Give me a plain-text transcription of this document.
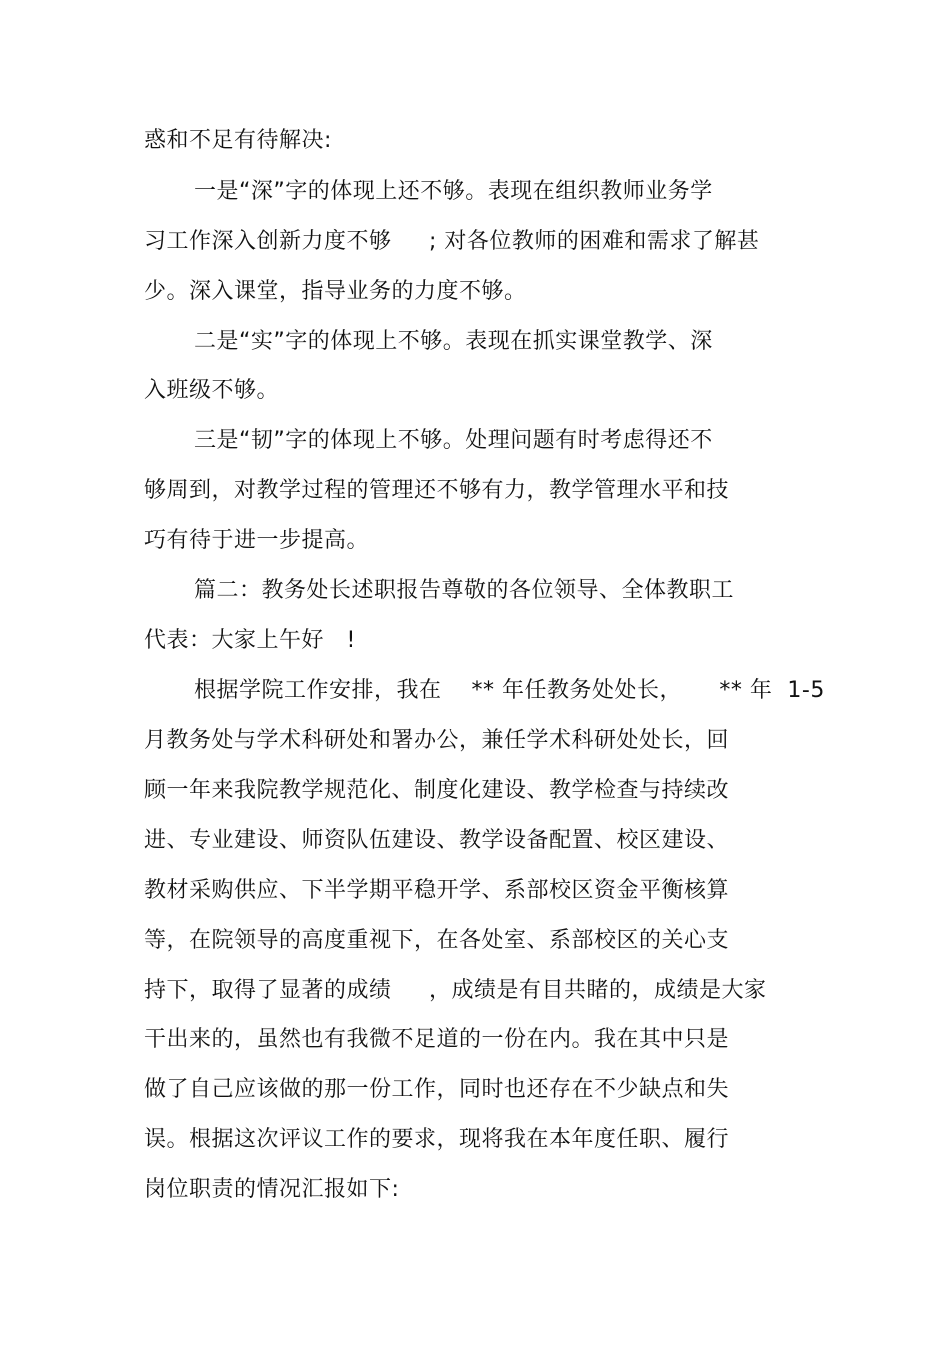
惑和不足有待解决:
一是“深”字的体现上还不够。表现在组织教师业务学
习工作深入创新力度不够     ; 对各位教师的困难和需求了解甚
少。深入课堂，指导业务的力度不够。
二是“实”字的体现上不够。表现在抓实课堂教学、深
入班级不够。
三是“韧”字的体现上不够。处理问题有时考虑得还不
够周到，对教学过程的管理还不够有力，教学管理水平和技
巧有待于进一步提高。
篇二：教务处长述职报告尊敬的各位领导、全体教职工
代表：大家上午好   !
根据学院工作安排，我在    ** 年任教务处处长，     ** 年  1-5
月教务处与学术科研处和署办公，兼任学术科研处处长，回
顾一年来我院教学规范化、制度化建设、教学检查与持续改
进、专业建设、师资队伍建设、教学设备配置、校区建设、
教材采购供应、下半学期平稳开学、系部校区资金平衡核算
等，在院领导的高度重视下，在各处室、系部校区的关心支
持下，取得了显著的成绩     ，成绩是有目共睹的，成绩是大家
干出来的，虽然也有我微不足道的一份在内。我在其中只是
做了自己应该做的那一份工作，同时也还存在不少缺点和失
误。根据这次评议工作的要求，现将我在本年度任职、履行
岗位职责的情况汇报如下:
